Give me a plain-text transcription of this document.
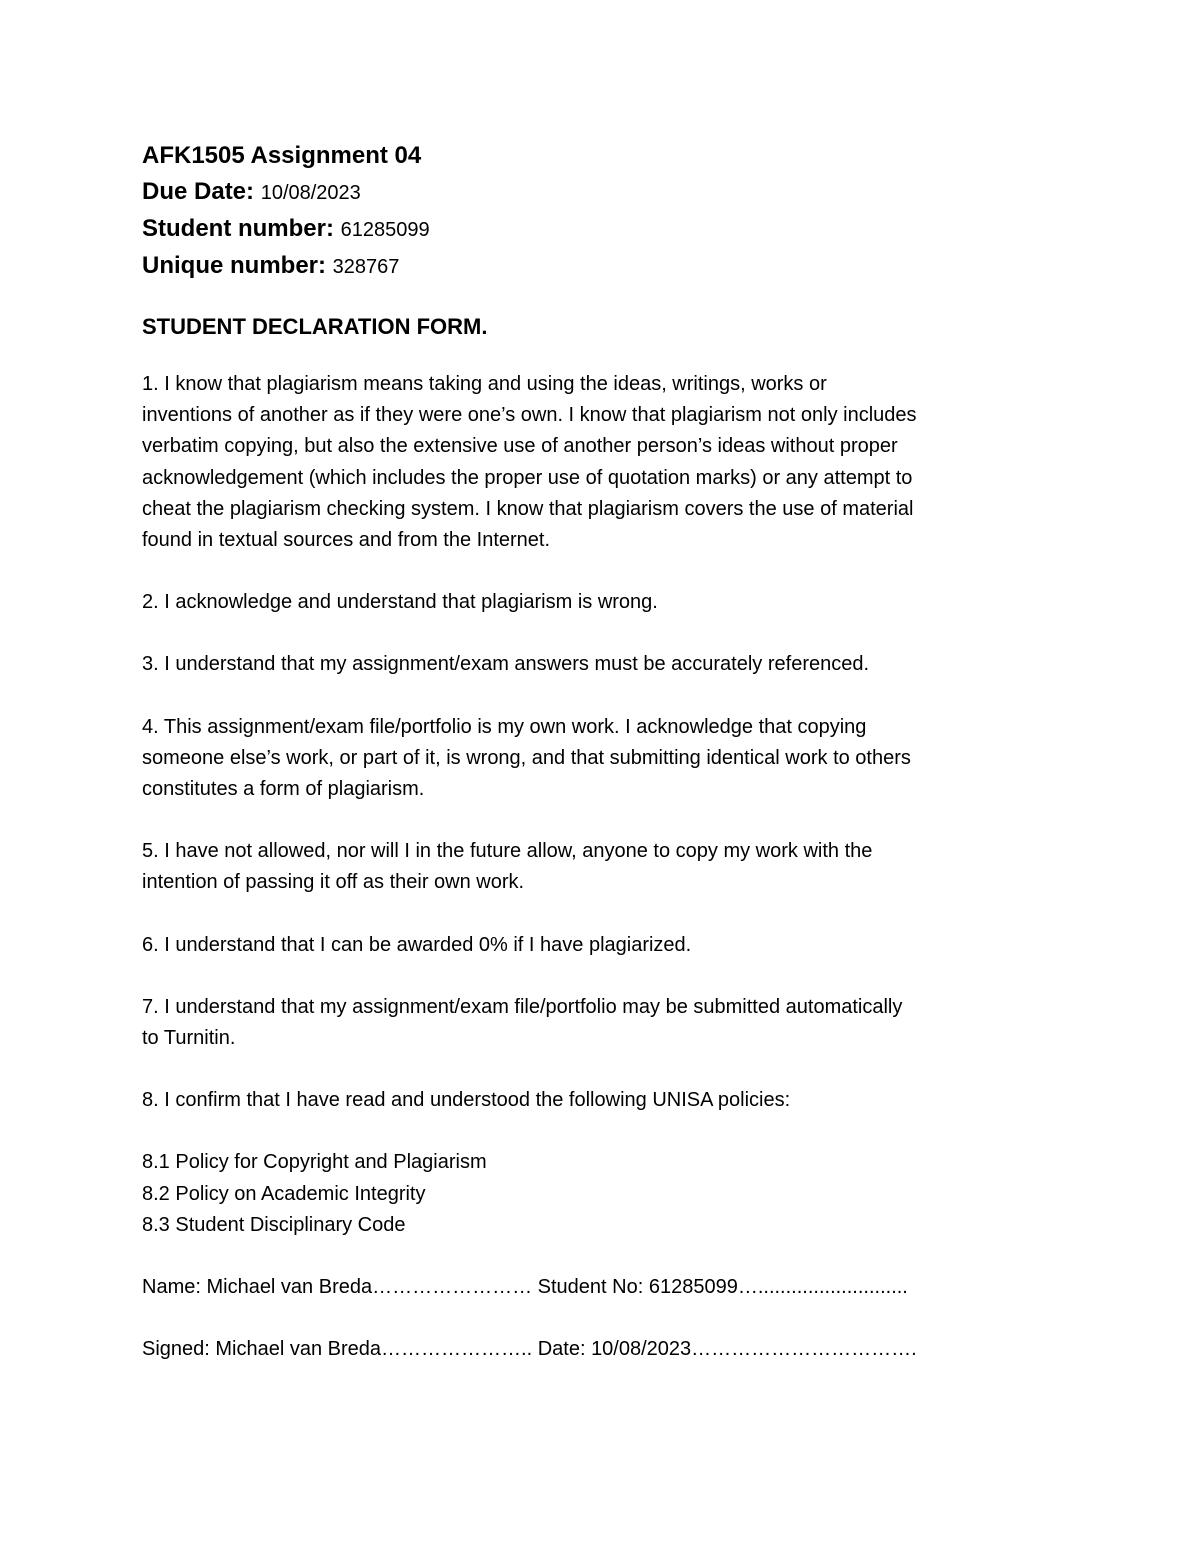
AFK1505 Assignment 04

Due Date: 10/08/2023

Student number: 61285099

Unique number: 328767

STUDENT DECLARATION FORM.

1. I know that plagiarism means taking and using the ideas, writings, works or

inventions of another as if they were one’s own. I know that plagiarism not only includes

verbatim copying, but also the extensive use of another person’s ideas without proper

acknowledgement (which includes the proper use of quotation marks) or any attempt to

cheat the plagiarism checking system. I know that plagiarism covers the use of material

found in textual sources and from the Internet.

2. I acknowledge and understand that plagiarism is wrong.

3. I understand that my assignment/exam answers must be accurately referenced.

4. This assignment/exam file/portfolio is my own work. I acknowledge that copying

someone else’s work, or part of it, is wrong, and that submitting identical work to others

constitutes a form of plagiarism.

5. I have not allowed, nor will I in the future allow, anyone to copy my work with the

intention of passing it off as their own work.

6. I understand that I can be awarded 0% if I have plagiarized.

7. I understand that my assignment/exam file/portfolio may be submitted automatically

to Turnitin.

8. I confirm that I have read and understood the following UNISA policies:

8.1 Policy for Copyright and Plagiarism

8.2 Policy on Academic Integrity

8.3 Student Disciplinary Code

Name: Michael van Breda…………………… Student No: 61285099…...........................

Signed: Michael van Breda………………….. Date: 10/08/2023…………………………….
